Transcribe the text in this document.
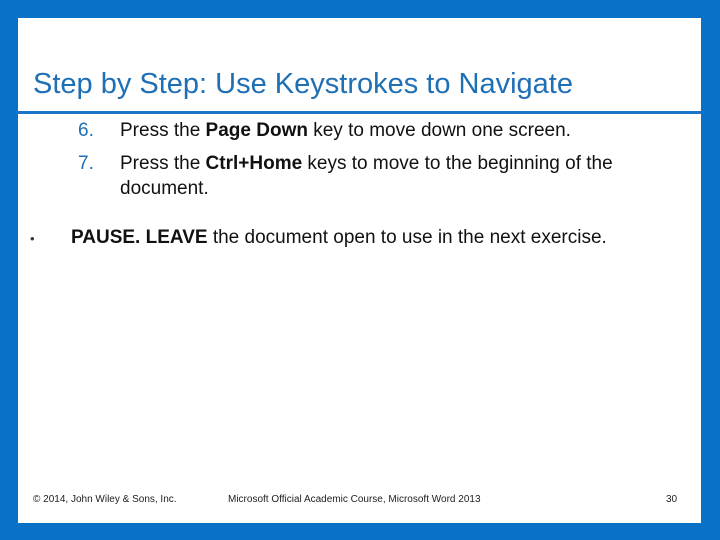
Step by Step: Use Keystrokes to Navigate
6. Press the Page Down key to move down one screen.
7. Press the Ctrl+Home keys to move to the beginning of the document.
• PAUSE. LEAVE the document open to use in the next exercise.
© 2014, John Wiley & Sons, Inc.	Microsoft Official Academic Course, Microsoft Word 2013	30
